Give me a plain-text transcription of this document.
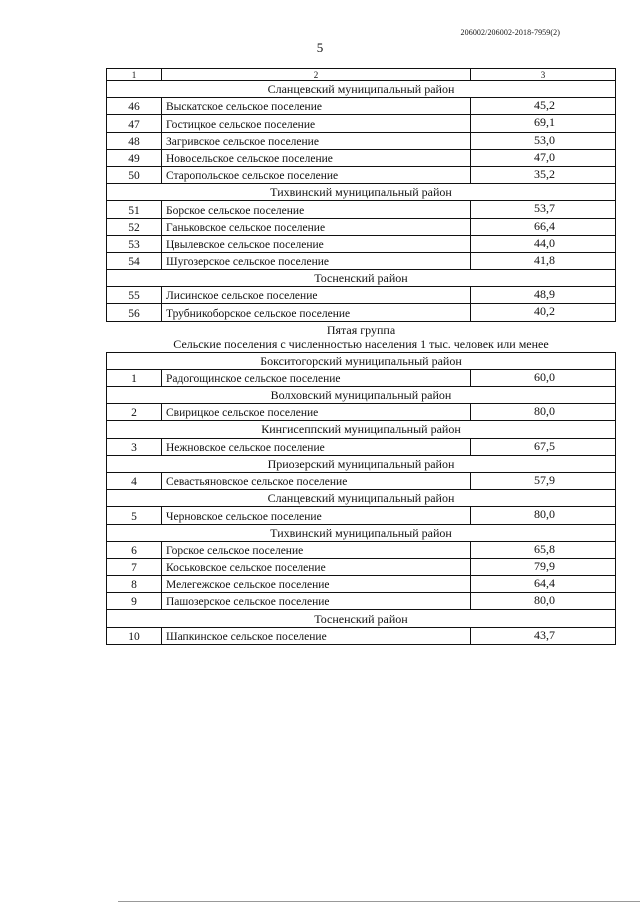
206002/206002-2018-7959(2)
5
1	2	3
Сланцевский муниципальный район		
46	Выскатское сельское поселение	45,2
47	Гостицкое сельское поселение	69,1
48	Загривское сельское поселение	53,0
49	Новосельское сельское поселение	47,0
50	Старопольское сельское поселение	35,2
Тихвинский муниципальный район		
51	Борское сельское поселение	53,7
52	Ганьковское сельское поселение	66,4
53	Цвылевское сельское поселение	44,0
54	Шугозерское сельское поселение	41,8
Тосненский район		
55	Лисинское сельское поселение	48,9
56	Трубникоборское сельское поселение	40,2

Пятая группа
Сельские поселения с численностью населения 1 тыс. человек или менее		

Бокситогорский муниципальный район		
1	Радогощинское сельское поселение	60,0
Волховский муниципальный район		
2	Свирицкое сельское поселение	80,0
Кингисеппский муниципальный район		
3	Нежновское сельское поселение	67,5
Приозерский муниципальный район		
4	Севастьяновское сельское поселение	57,9
Сланцевский муниципальный район		
5	Черновское сельское поселение	80,0
Тихвинский муниципальный район		
6	Горское сельское поселение	65,8
7	Коськовское сельское поселение	79,9
8	Мелегежское сельское поселение	64,4
9	Пашозерское сельское поселение	80,0
Тосненский район		
10	Шапкинское сельское поселение	43,7
